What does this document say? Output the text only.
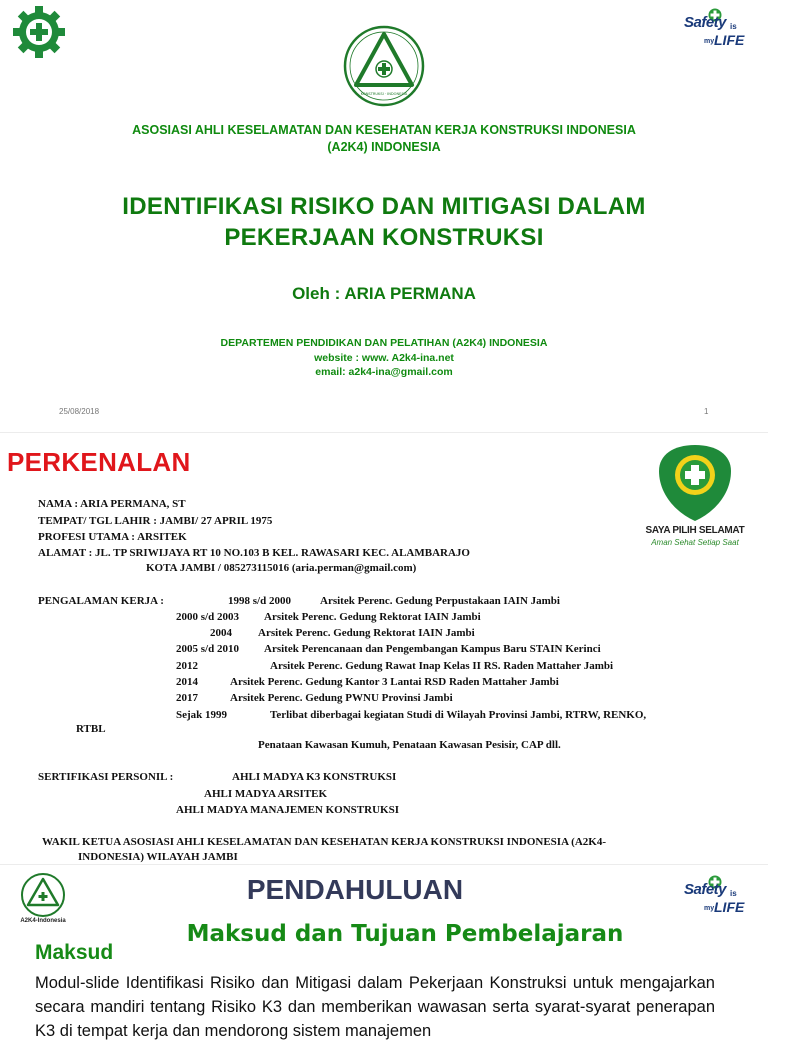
Safety is
my LIFE
KONSTRUKSI · INDONESIA
ASOSIASI AHLI KESELAMATAN DAN KESEHATAN KERJA KONSTRUKSI INDONESIA
(A2K4) INDONESIA
IDENTIFIKASI RISIKO DAN MITIGASI DALAM
PEKERJAAN KONSTRUKSI
Oleh : ARIA PERMANA
DEPARTEMEN PENDIDIKAN DAN PELATIHAN (A2K4) INDONESIA
website : www. A2k4-ina.net
email: a2k4-ina@gmail.com
25/08/2018	1
PERKENALAN
SAYA PILIH SELAMAT
Aman Sehat Setiap Saat
NAMA : ARIA PERMANA, ST
TEMPAT/ TGL LAHIR : JAMBI/ 27 APRIL 1975
PROFESI UTAMA : ARSITEK
ALAMAT : JL. TP SRIWIJAYA RT 10 NO.103 B KEL. RAWASARI KEC. ALAMBARAJO
KOTA JAMBI / 085273115016 (aria.perman@gmail.com)
PENGALAMAN KERJA :	1998 s/d 2000	Arsitek Perenc. Gedung Perpustakaan IAIN Jambi
2000 s/d 2003 Arsitek Perenc. Gedung Rektorat IAIN Jambi
2004 Arsitek Perenc. Gedung Rektorat IAIN Jambi
2005 s/d 2010 Arsitek Perencanaan dan Pengembangan Kampus Baru STAIN Kerinci
2012	Arsitek Perenc. Gedung Rawat Inap Kelas II RS. Raden Mattaher Jambi
2014	Arsitek Perenc. Gedung Kantor 3 Lantai RSD Raden Mattaher Jambi
2017	Arsitek Perenc. Gedung PWNU Provinsi Jambi
Sejak 1999	Terlibat diberbagai kegiatan Studi di Wilayah Provinsi Jambi, RTRW, RENKO,
RTBL
Penataan Kawasan Kumuh, Penataan Kawasan Pesisir, CAP dll.
SERTIFIKASI PERSONIL :	AHLI MADYA K3 KONSTRUKSI
AHLI MADYA ARSITEK
AHLI MADYA MANAJEMEN KONSTRUKSI
WAKIL KETUA ASOSIASI AHLI KESELAMATAN DAN KESEHATAN KERJA KONSTRUKSI INDONESIA (A2K4-
INDONESIA) WILAYAH JAMBI
A2K4-Indonesia
Safety is
my LIFE
PENDAHULUAN
Maksud dan Tujuan Pembelajaran
Maksud
Modul-slide Identifikasi Risiko dan Mitigasi dalam Pekerjaan Konstruksi untuk mengajarkan secara mandiri tentang Risiko K3 dan memberikan wawasan serta syarat-syarat penerapan K3 di tempat kerja dan mendorong sistem manajemen
